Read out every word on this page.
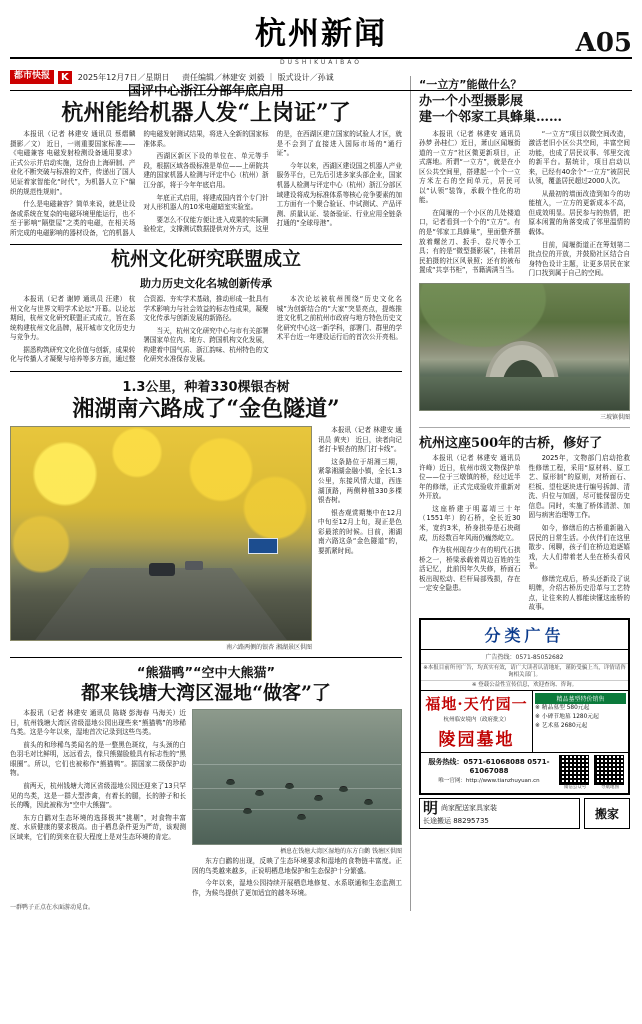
杭州新闻
DUSHIKUAIBAO
都市快报	K	2025年12月7日／星期日 责任编辑／林建安 刘毅 ｜ 版式设计／孙诚
A05
国评中心浙江分部年底启用
杭州能给机器人发“上岗证”了

本报讯（记者 林建安 通讯员 蔡熠麟 摄影／文） 近日，一则重要国家标准——《电磁兼容 电磁发射检测设备通用要求》正式公示并启动实施，这份由上海研制、产业化不断突破与标准的文件，传递出了国人见证着家智能化“时代”，为机器人立下“编织的规范性规则”。

什么是电磁兼容？简单来说，就是让设备或系统在复杂的电磁环境里能运行，也不至于影响“隔壁屋”之类的电磁，在相关场所完成的电磁影响的器材设备，它的机器人的电磁发射测试结果，将进入全新的国家标准体系。

西湖区新区下设的单位在、单元等手段，根据区域各级标准是单位——上研院共建的国家机器人检测与评定中心（杭州）浙江分部，将于今年年底启用。

年底正式启用，将建成国内首个专门针对人形机器人的10米电磁暗室实验室。

要怎么不仅能方便让进入成果的实际测验检定，支撑测试数据提供对外方式，这里的是，在西湖区建立国家的试验人才区，就是不会到了直接进入国际市场的“通行证”。

今年以来，西湖区建设国之机器人产业服务平台，已先后引进多家头部企业，国家机器人检测与评定中心（杭州）浙江分部区域建设将成为标准体系等核心竞争要素的加工方面有一个聚合验证、中试测试、产品评测、质量认证、装备验证、行业应用全链条打通的“全球母港”。

杭州文化研究联盟成立
助力历史文化名城创新传承

本报讯（记者 谢婷 通讯员 汪建） 杭州文化与世界文明学术论坛“开幕。以论坛期间，杭州文化研究联盟正式成立，旨在系统构建杭州文化品牌，展开城市文化历史力与竞争力。

据悉构筑研究文化价值与创新，成果转化与传播人才凝聚与培养等多方面，通过整合资源、夯实学术基础，推动形成一批具有学术影响力与社会效益的标志性成果，凝聚文化传承与创新发展的新路径。

当天，杭州文化研究中心与市有关部署署国家单位内、地方、跨国机构文化发展，构建着中国气质、浙江韵味、杭州特色的文化研究水准保存发展。

本次论坛被杭州围绕“历史文化名城”为创新结合的“大家”突显亮点，提炼推进文化机之前杭州市政府与地方特色历史文化研究中心这一新学科，部署门、群里的学术平台近一年建设运行后的首次公开亮相。

1.3公里，种着330棵银杏树
湘湖南六路成了“金色隧道”
南六路两侧的银杏 湘湖景区供图

本报讯（记者 林建安 通讯员 黄夹） 近日，读者向记者打卡银杏的热门打卡线”。

这条路位于胡湘三期，紧靠湘湖金融小镇，全长1.3公里，东接风情大道，西连湖顶路，两侧种植330多棵银杏树。

银杏观赏期集中在12月中旬至12月上旬，现正是色彩最浓的时候。目前，湘湖南六路这条“金色隧道”的，要抓紧时间。

“熊猫鸭”“空中大熊猫”
都来钱塘大湾区湿地“做客”了

本报讯（记者 林建安 通讯员 陈晓 彭海春 马海关）近日，杭州钱塘大湾区省级湿地公园出现些来“熊猫鸭”的珍稀鸟类。这是今年以来，湿地首次记录到这些鸟类。

前头的和珍稀鸟类闻名的是一整黑色斑纹，与头颈的白色羽毛对比鲜明，远远看去，像只熊猫脸般具有标志性的“黑眼圈”。所以，它们也被称作“熊猫鸭”。据国家二级保护动物。

前两天，杭州钱塘大湾区省级湿地公园还迎来了13只罕见的鸟类，这是一群大型涉禽，有着长的腿，长的脖子和长长的嘴，因此被称为“空中大熊猫”。

东方白鹳对生态环境的选择极其“挑剔”，对食物丰富度、水质健康的要求极高。由于栖息条件更为严苛，该观测区域来，它们的到来在很大程度上是对生态环境的肯定。

栖息在钱塘大湾区湿地的东方白鹳 钱塘区供图

东方白鹳的出现，反映了生态环境要求和湿地的食物链丰富度。正因的鸟类越来越多，正说明栖息地保护和生态保护十分繁盛。

今年以来，湿地公园持续开展栖息地修复、水系联通和生态监测工作，为候鸟提供了更加适宜的越冬环境。

一群鸭子正点在水面游动觅食。
“一立方”能做什么？
办一个小型摄影展
建一个邻家工具蜂巢……

本报讯（记者 林建安 通讯员 孙梦 孙桂仁）近日，萧山区闻堰街道的一立方“社区微更新项目，正式落地。所谓“一立方”，就是在小区公共空间里，搭建起一个个一立方米左右的空间单元，居民可以“认领”装饰，承载个性化的功能。

在闻堰的一个小区的几处楼道口，记者看到一个个的“立方”。有的是“邻家工具蜂巢”，里面整齐摆放着螺丝刀、扳手、卷尺等小工具；有的是“微型摄影展”，挂着居民拍摄的社区风景照；还有的被布置成“共享书柜”，书籍满满当当。

“一立方”项目以微空间改造，激活老旧小区公共空间，丰富空间功能，也成了居民议事、邻里交流的新平台。据统计，项目启动以来，已经有40余个“一立方”被居民认领，覆盖居民超过2000人次。

从最初的墙面改造到如今的功能植入，一立方的更新成本不高，但成效明显。居民参与的热情，把原本闲置的角落变成了邻里温情的载体。

目前，闻堰街道正在筹划第二批点位的开放，并鼓励社区结合自身特色设计主题，让更多居民在家门口找到属于自己的空间。

三坡镇供图
杭州这座500年的古桥，修好了

本报讯（记者 林建安 通讯员 许峰）近日，杭州市级文物保护单位——位于三墩镇的桥，经过近半年的修缮，正式完成验收并重新对外开放。

这座桥建于明嘉靖三十年（1551年）的石桥，全长近30米，宽约3米，桥身拱券是石块砌成，历经数百年风雨仍巍然屹立。

作为杭州现存少有的明代石拱桥之一，桥梁承载着周边百姓的生活记忆，此前因年久失修，桥面石板出现松动、栏杆局部残损，存在一定安全隐患。

2025年，文物部门启动抢救性修缮工程，采用“原材料、原工艺、原形制”的原则，对桥面石、栏板、望柱逐块进行编号拆卸、清洗、归位与加固，尽可能保留历史信息。同时，实施了桥体清淤、加固与病害治理等工作。

如今，修缮后的古桥重新融入居民的日常生活。小伙伴们在这里散步、闲聊，孩子们在桥边追逐嬉戏，大人们带着老人坐在桥头看风景。

修缮完成后，桥头还新设了说明牌，介绍古桥历史沿革与工艺特点，让往来的人都能读懂这座桥的故事。

分类广告
广告热线：0571-85052682
※本报目前所刊广告，均真实有效，请广大读者认清地址，谨防受骗上当，详情请咨询相关部门。
※ 登载公益性宣传信息，欢迎查询、咨询。
福地·天竹园一
杭州临安境内（政府批文）
陵园墓地
精品墓型特价销售
※ 精品墓型 580元起
※ 小碑节地墓 1280元起
※ 艺术墓 2680元起
服务热线：0571-61068088 0571-61067088
唯一官网：http://www.tianzhuyuan.cn
微信公众号	导航地图
明 尚家配送家具家装
长途搬运 88295735
搬家
